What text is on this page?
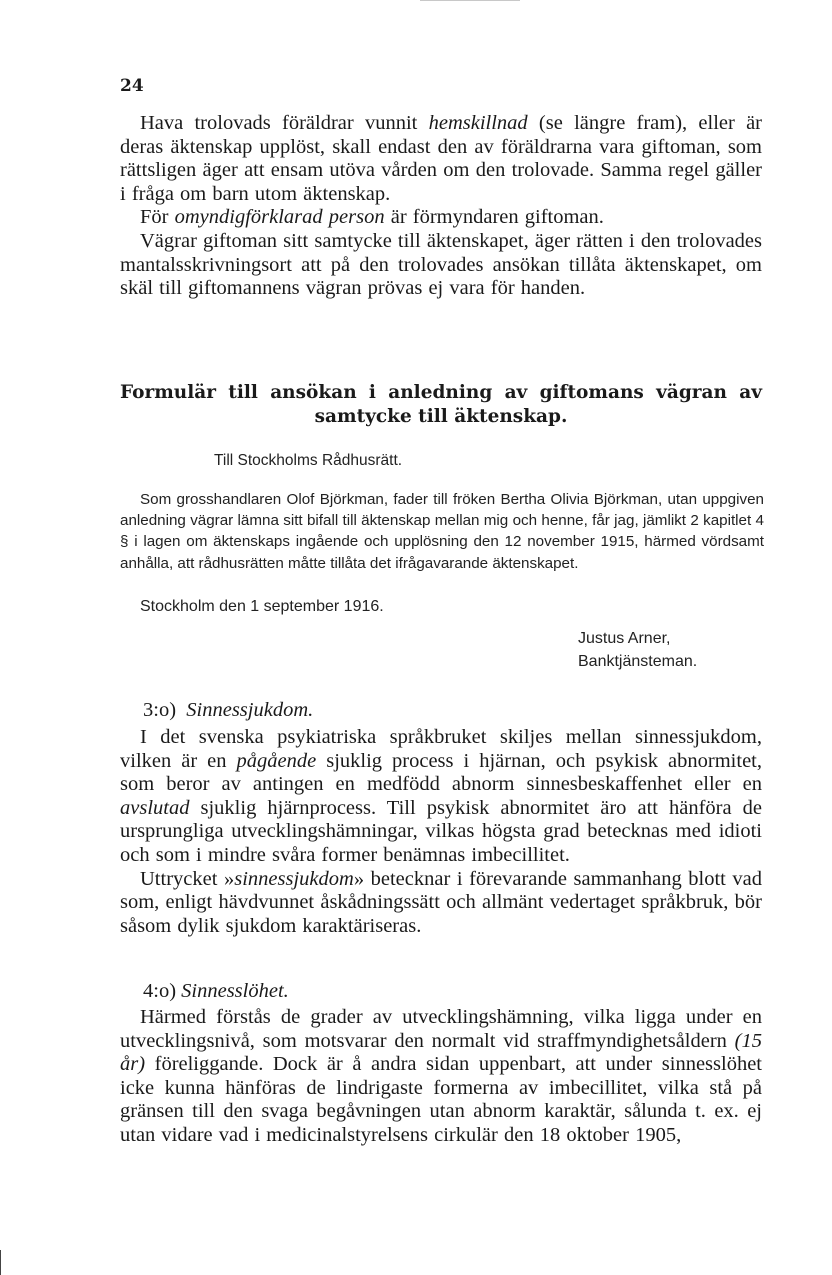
24

Hava trolovads föräldrar vunnit hemskillnad (se längre fram), eller är deras äktenskap upplöst, skall endast den av föräldrarna vara giftoman, som rättsligen äger att ensam utöva vården om den trolovade. Samma regel gäller i fråga om barn utom äktenskap.

För omyndigförklarad person är förmyndaren giftoman.

Vägrar giftoman sitt samtycke till äktenskapet, äger rätten i den trolovades mantalsskrivningsort att på den trolovades ansökan tillåta äktenskapet, om skäl till giftomannens vägran prövas ej vara för handen.

Formulär till ansökan i anledning av giftomans vägran av
samtycke till äktenskap.
Till Stockholms Rådhusrätt.
Som grosshandlaren Olof Björkman, fader till fröken Bertha Olivia Björkman, utan uppgiven anledning vägrar lämna sitt bifall till äktenskap mellan mig och henne, får jag, jämlikt 2 kapitlet 4 § i lagen om äktenskaps ingående och upplösning den 12 november 1915, härmed vördsamt anhålla, att rådhusrätten måtte tillåta det ifrågavarande äktenskapet.
Stockholm den 1 september 1916.
Justus Arner,
Banktjänsteman.
3:o) Sinnessjukdom.

I det svenska psykiatriska språkbruket skiljes mellan sinnessjukdom, vilken är en pågående sjuklig process i hjärnan, och psykisk abnormitet, som beror av antingen en medfödd abnorm sinnesbeskaffenhet eller en avslutad sjuklig hjärnprocess. Till psykisk abnormitet äro att hänföra de ursprungliga utvecklingshämningar, vilkas högsta grad betecknas med idioti och som i mindre svåra former benämnas imbecillitet.

Uttrycket »sinnessjukdom» betecknar i förevarande sammanhang blott vad som, enligt hävdvunnet åskådningssätt och allmänt vedertaget språkbruk, bör såsom dylik sjukdom karaktäriseras.

4:o) Sinnesslöhet.

Härmed förstås de grader av utvecklingshämning, vilka ligga under en utvecklingsnivå, som motsvarar den normalt vid straffmyndighetsåldern (15 år) föreliggande. Dock är å andra sidan uppenbart, att under sinnesslöhet icke kunna hänföras de lindrigaste formerna av imbecillitet, vilka stå på gränsen till den svaga begåvningen utan abnorm karaktär, sålunda t. ex. ej utan vidare vad i medicinalstyrelsens cirkulär den 18 oktober 1905,
